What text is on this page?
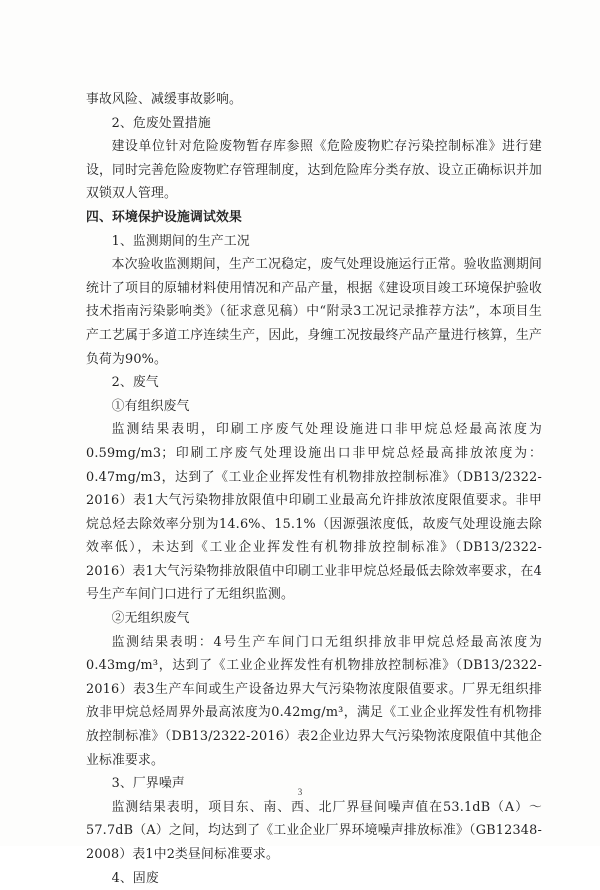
事故风险、减缓事故影响。

2、危废处置措施

建设单位针对危险废物暂存库参照《危险废物贮存污染控制标准》进行建设，同时完善危险废物贮存管理制度，达到危险库分类存放、设立正确标识并加双锁双人管理。

四、环境保护设施调试效果

1、监测期间的生产工况

本次验收监测期间，生产工况稳定，废气处理设施运行正常。验收监测期间统计了项目的原辅材料使用情况和产品产量，根据《建设项目竣工环境保护验收技术指南污染影响类》（征求意见稿）中“附录3工况记录推荐方法”，本项目生产工艺属于多道工序连续生产，因此，身缠工况按最终产品产量进行核算，生产负荷为90%。

2、废气

①有组织废气

监测结果表明，印刷工序废气处理设施进口非甲烷总烃最高浓度为0.59mg/m3；印刷工序废气处理设施出口非甲烷总烃最高排放浓度为：0.47mg/m3，达到了《工业企业挥发性有机物排放控制标准》（DB13/2322-2016）表1大气污染物排放限值中印刷工业最高允许排放浓度限值要求。非甲烷总烃去除效率分别为14.6%、15.1%（因源强浓度低，故废气处理设施去除效率低），未达到《工业企业挥发性有机物排放控制标准》（DB13/2322-2016）表1大气污染物排放限值中印刷工业非甲烷总烃最低去除效率要求，在4号生产车间门口进行了无组织监测。

②无组织废气

监测结果表明：4号生产车间门口无组织排放非甲烷总烃最高浓度为0.43mg/m³，达到了《工业企业挥发性有机物排放控制标准》（DB13/2322-2016）表3生产车间或生产设备边界大气污染物浓度限值要求。厂界无组织排放非甲烷总烃周界外最高浓度为0.42mg/m³，满足《工业企业挥发性有机物排放控制标准》（DB13/2322-2016）表2企业边界大气污染物浓度限值中其他企业标准要求。

3、厂界噪声

监测结果表明，项目东、南、西、北厂界昼间噪声值在53.1dB（A）～57.7dB（A）之间，均达到了《工业企业厂界环境噪声排放标准》（GB12348-2008）表1中2类昼间标准要求。

4、固废

3
